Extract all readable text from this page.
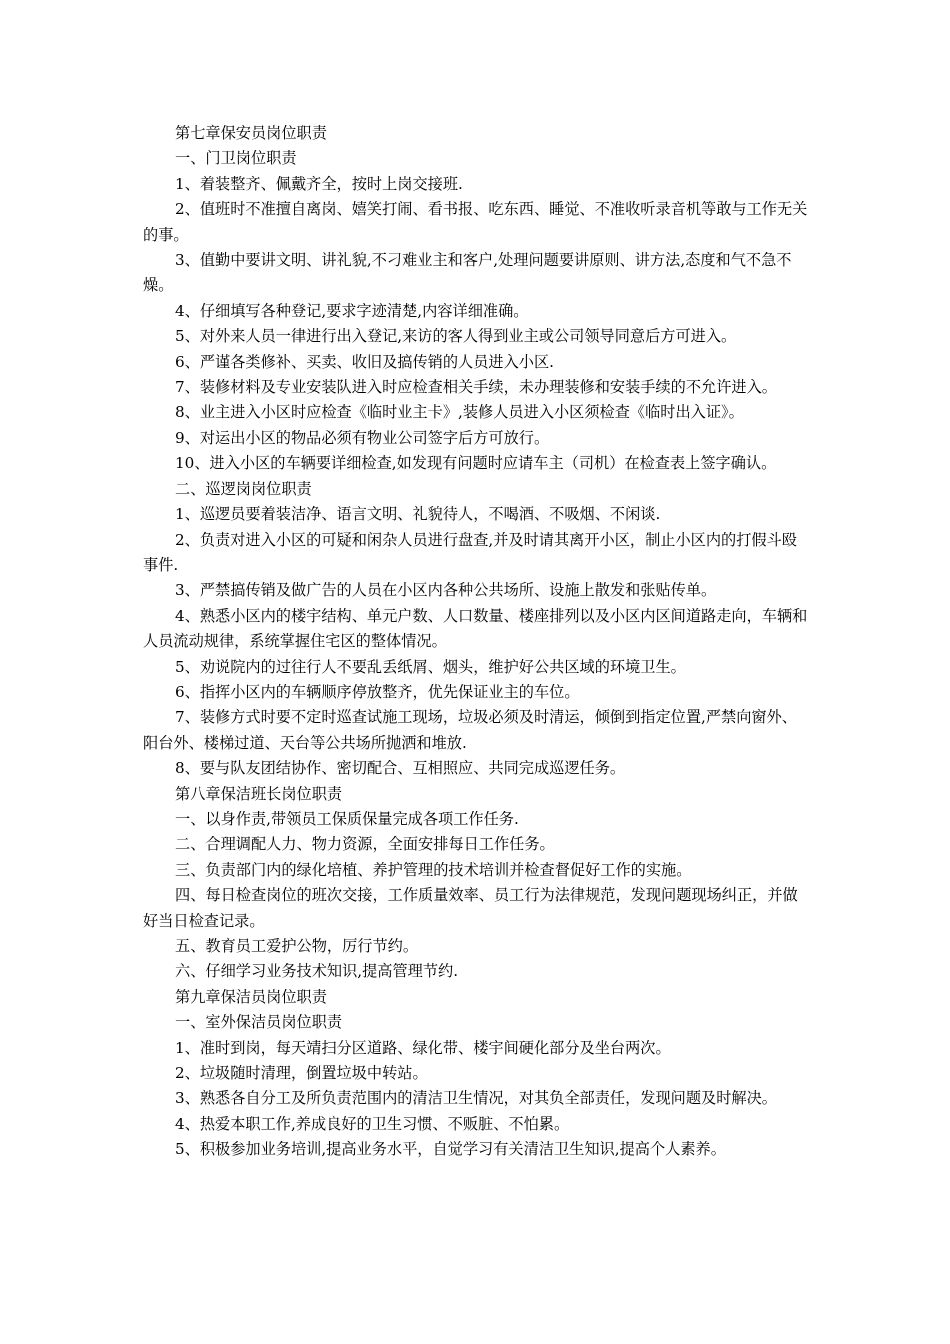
第七章保安员岗位职责

一、门卫岗位职责

1、着装整齐、佩戴齐全，按时上岗交接班.

2、值班时不准擅自离岗、嬉笑打闹、看书报、吃东西、睡觉、不准收听录音机等敢与工作无关的事。

3、值勤中要讲文明、讲礼貌,不刁难业主和客户,处理问题要讲原则、讲方法,态度和气不急不燥。

4、仔细填写各种登记,要求字迹清楚,内容详细准确。

5、对外来人员一律进行出入登记,来访的客人得到业主或公司领导同意后方可进入。

6、严谨各类修补、买卖、收旧及搞传销的人员进入小区.

7、装修材料及专业安装队进入时应检查相关手续，未办理装修和安装手续的不允许进入。

8、业主进入小区时应检查《临时业主卡》,装修人员进入小区须检查《临时出入证》。

9、对运出小区的物品必须有物业公司签字后方可放行。

10、进入小区的车辆要详细检查,如发现有问题时应请车主（司机）在检查表上签字确认。

二、巡逻岗岗位职责

1、巡逻员要着装洁净、语言文明、礼貌待人，不喝酒、不吸烟、不闲谈.

2、负责对进入小区的可疑和闲杂人员进行盘查,并及时请其离开小区，制止小区内的打假斗殴事件.

3、严禁搞传销及做广告的人员在小区内各种公共场所、设施上散发和张贴传单。

4、熟悉小区内的楼宇结构、单元户数、人口数量、楼座排列以及小区内区间道路走向，车辆和人员流动规律，系统掌握住宅区的整体情况。

5、劝说院内的过往行人不要乱丢纸屑、烟头，维护好公共区域的环境卫生。

6、指挥小区内的车辆顺序停放整齐，优先保证业主的车位。

7、装修方式时要不定时巡查试施工现场，垃圾必须及时清运，倾倒到指定位置,严禁向窗外、阳台外、楼梯过道、天台等公共场所抛洒和堆放.

8、要与队友团结协作、密切配合、互相照应、共同完成巡逻任务。

第八章保洁班长岗位职责

一、以身作责,带领员工保质保量完成各项工作任务.

二、合理调配人力、物力资源，全面安排每日工作任务。

三、负责部门内的绿化培植、养护管理的技术培训并检查督促好工作的实施。

四、每日检查岗位的班次交接，工作质量效率、员工行为法律规范，发现问题现场纠正，并做好当日检查记录。

五、教育员工爱护公物，厉行节约。

六、仔细学习业务技术知识,提高管理节约.

第九章保洁员岗位职责

一、室外保洁员岗位职责

1、准时到岗，每天靖扫分区道路、绿化带、楼宇间硬化部分及坐台两次。

2、垃圾随时清理，倒置垃圾中转站。

3、熟悉各自分工及所负责范围内的清洁卫生情况，对其负全部责任，发现问题及时解决。

4、热爱本职工作,养成良好的卫生习惯、不贩脏、不怕累。

5、积极参加业务培训,提高业务水平，自觉学习有关清洁卫生知识,提高个人素养。
